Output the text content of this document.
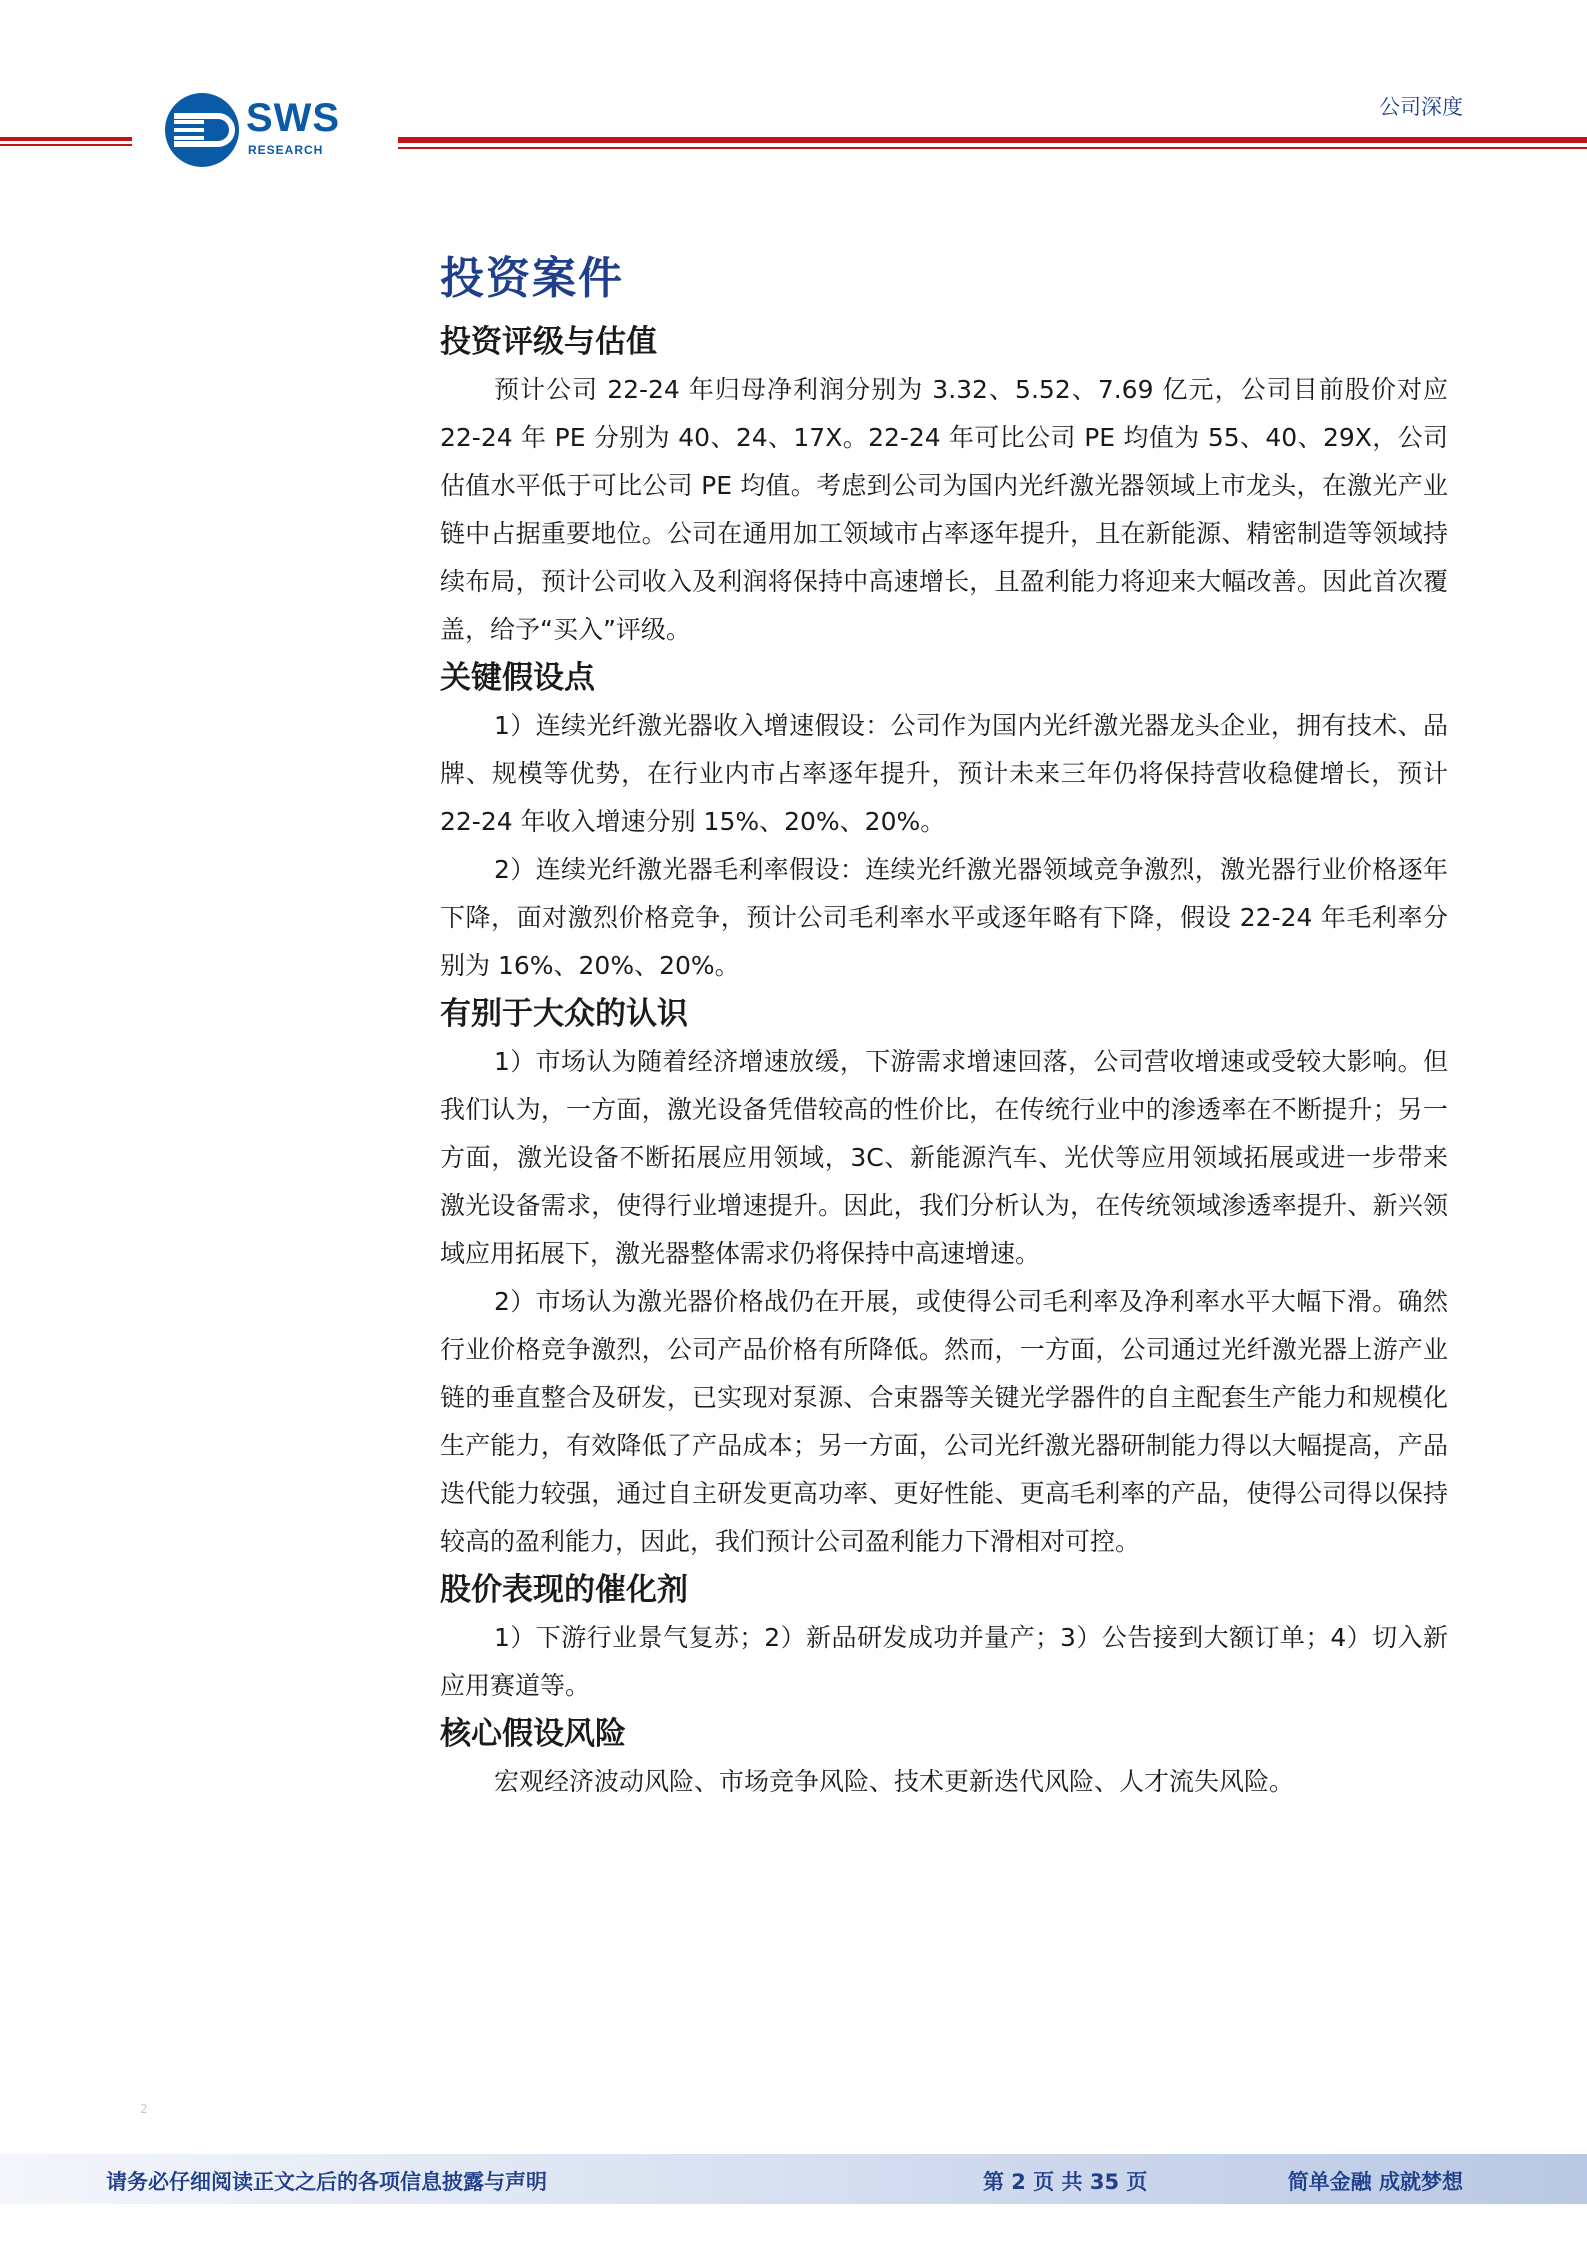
SWS
RESEARCH
公司深度
投资案件
投资评级与估值

预计公司 22-24 年归母净利润分别为 3.32、5.52、7.69 亿元，公司目前股价对应 22-24 年 PE 分别为 40、24、17X。22-24 年可比公司 PE 均值为 55、40、29X，公司估值水平低于可比公司 PE 均值。考虑到公司为国内光纤激光器领域上市龙头，在激光产业链中占据重要地位。公司在通用加工领域市占率逐年提升，且在新能源、精密制造等领域持续布局，预计公司收入及利润将保持中高速增长，且盈利能力将迎来大幅改善。因此首次覆盖，给予“买入”评级。

关键假设点

1）连续光纤激光器收入增速假设：公司作为国内光纤激光器龙头企业，拥有技术、品牌、规模等优势，在行业内市占率逐年提升，预计未来三年仍将保持营收稳健增长，预计 22-24 年收入增速分别 15%、20%、20%。

2）连续光纤激光器毛利率假设：连续光纤激光器领域竞争激烈，激光器行业价格逐年下降，面对激烈价格竞争，预计公司毛利率水平或逐年略有下降，假设 22-24 年毛利率分别为 16%、20%、20%。

有别于大众的认识

1）市场认为随着经济增速放缓，下游需求增速回落，公司营收增速或受较大影响。但我们认为，一方面，激光设备凭借较高的性价比，在传统行业中的渗透率在不断提升；另一方面，激光设备不断拓展应用领域，3C、新能源汽车、光伏等应用领域拓展或进一步带来激光设备需求，使得行业增速提升。因此，我们分析认为，在传统领域渗透率提升、新兴领域应用拓展下，激光器整体需求仍将保持中高速增速。

2）市场认为激光器价格战仍在开展，或使得公司毛利率及净利率水平大幅下滑。确然行业价格竞争激烈，公司产品价格有所降低。然而，一方面，公司通过光纤激光器上游产业链的垂直整合及研发，已实现对泵源、合束器等关键光学器件的自主配套生产能力和规模化生产能力，有效降低了产品成本；另一方面，公司光纤激光器研制能力得以大幅提高，产品迭代能力较强，通过自主研发更高功率、更好性能、更高毛利率的产品，使得公司得以保持较高的盈利能力，因此，我们预计公司盈利能力下滑相对可控。

股价表现的催化剂

1）下游行业景气复苏；2）新品研发成功并量产；3）公告接到大额订单；4）切入新应用赛道等。

核心假设风险

宏观经济波动风险、市场竞争风险、技术更新迭代风险、人才流失风险。

2
请务必仔细阅读正文之后的各项信息披露与声明	第 2 页 共 35 页	简单金融 成就梦想
